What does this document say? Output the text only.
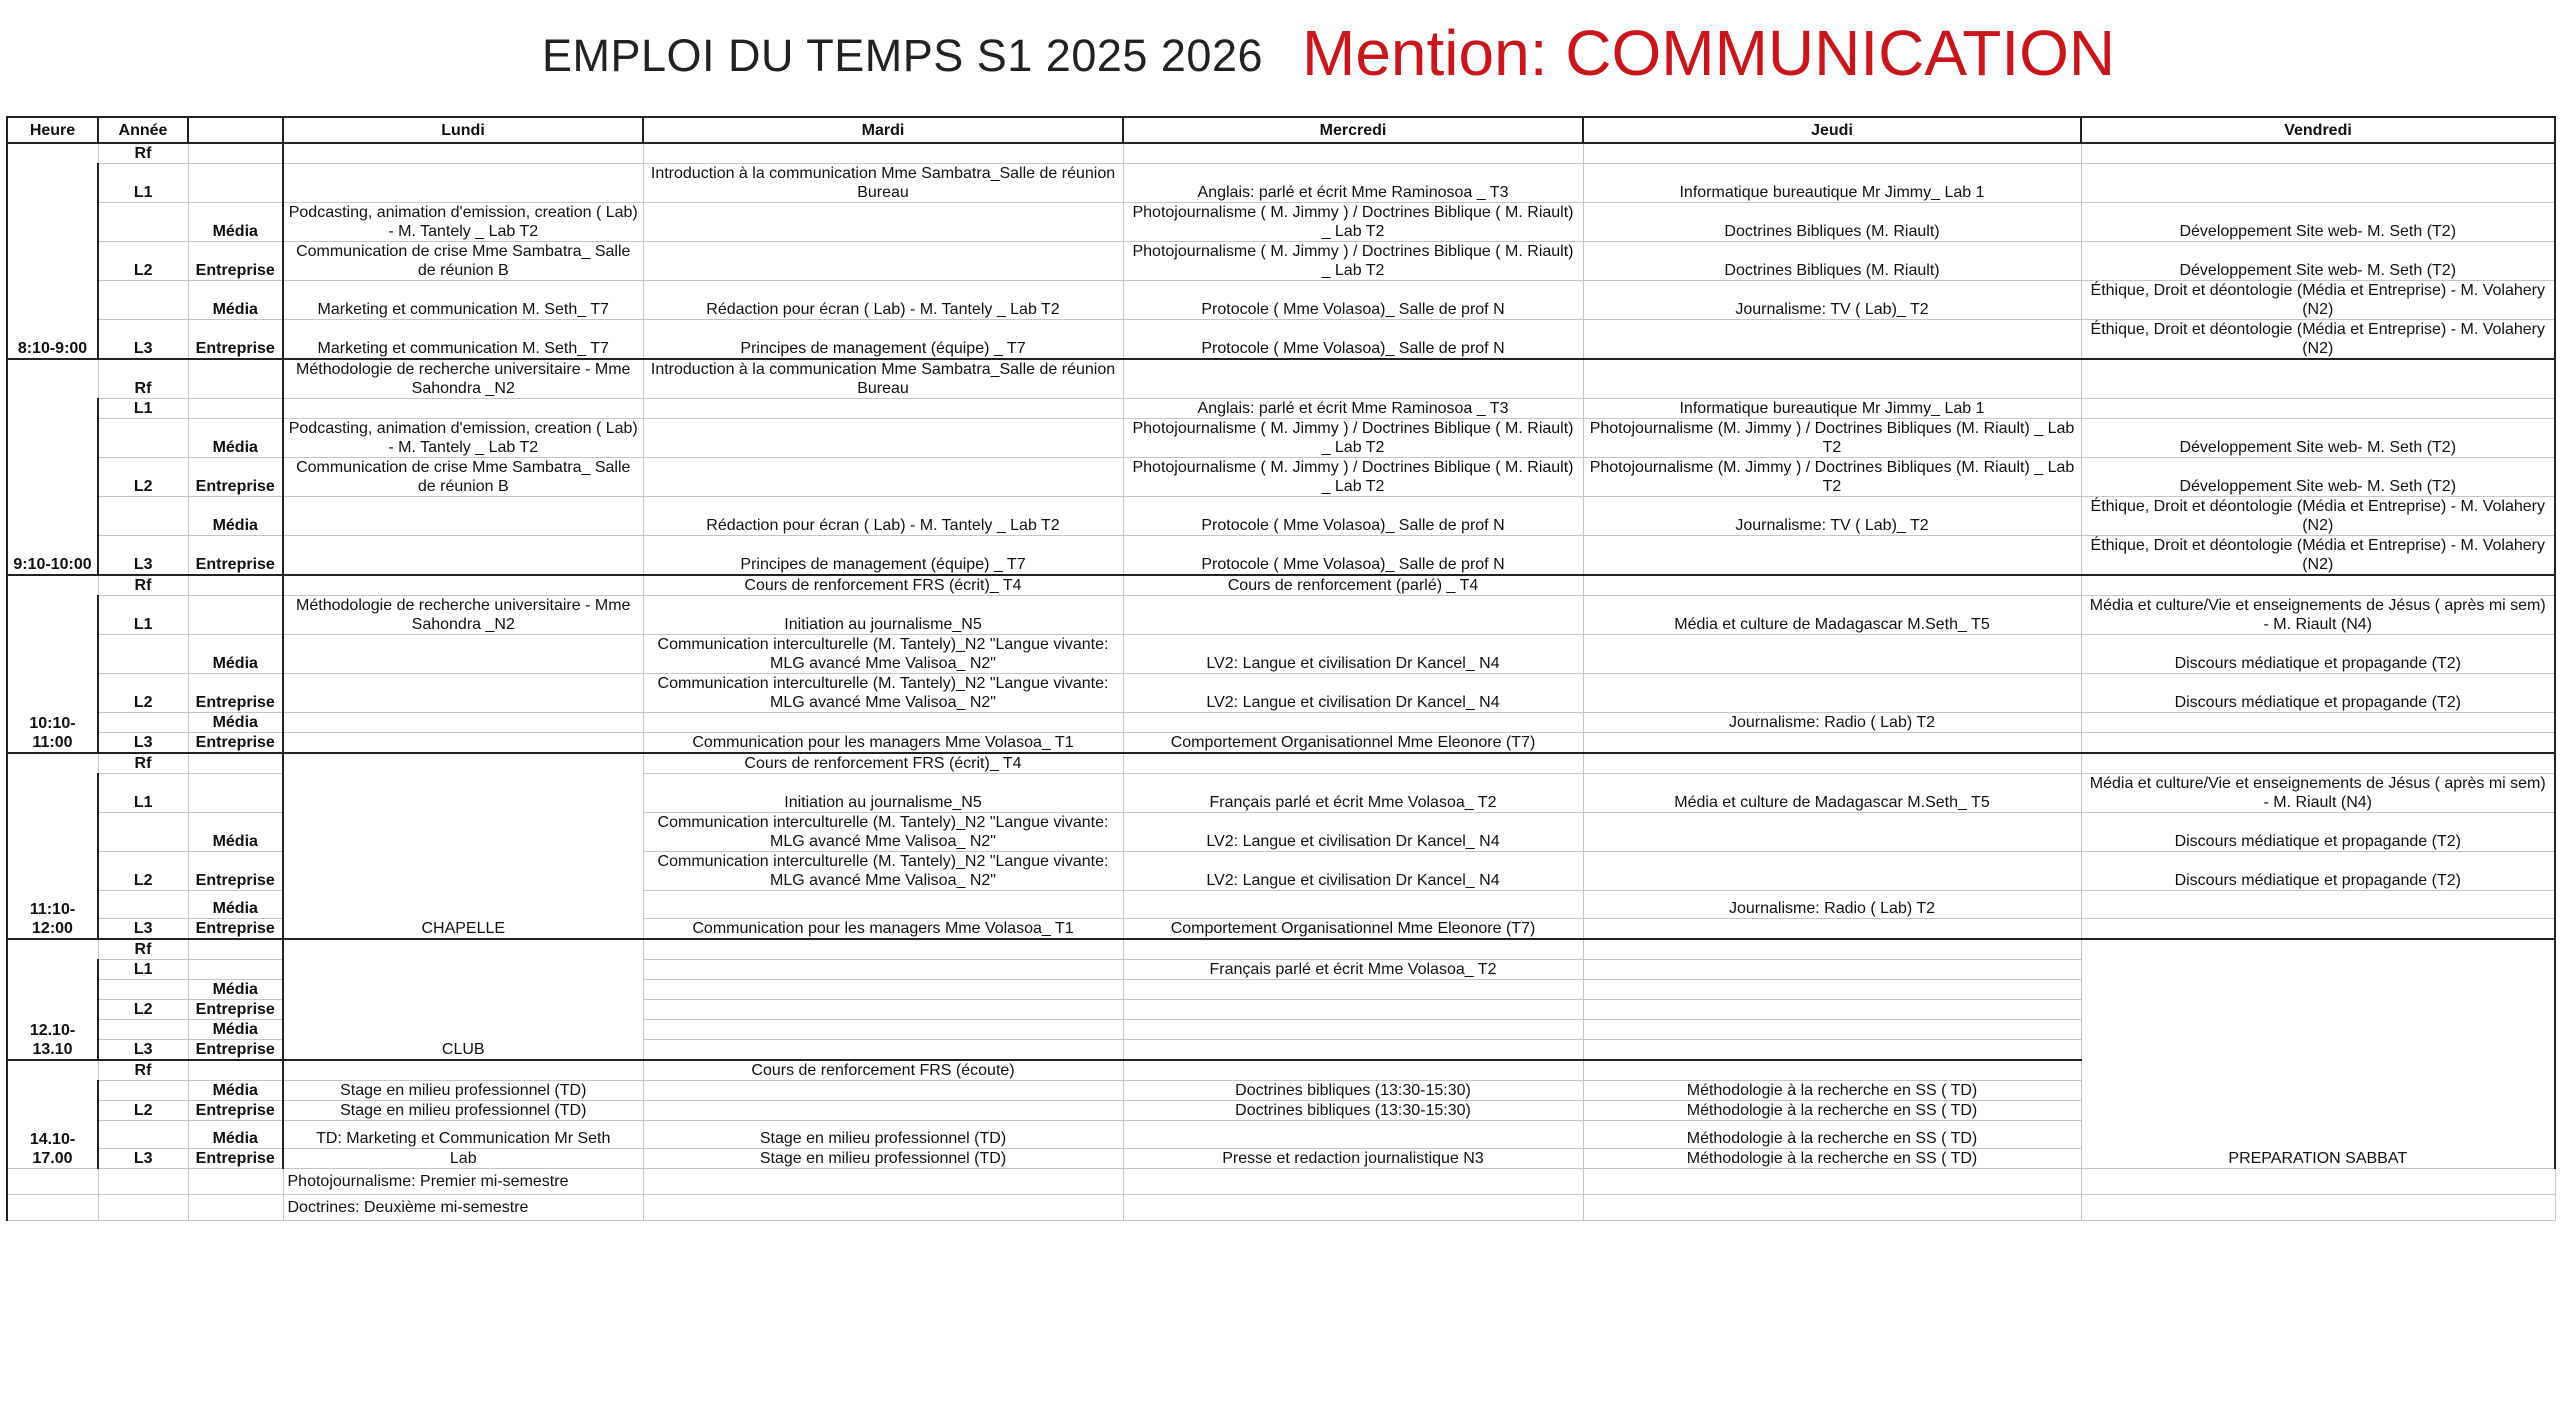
EMPLOI DU TEMPS S1 2025 2026 Mention: COMMUNICATION
Heure	Année		Lundi	Mardi	Mercredi	Jeudi	Vendredi
8:10-9:00	Rf						
	L1			Introduction à la communication Mme Sambatra_Salle de réunion Bureau	Anglais: parlé et écrit Mme Raminosoa _ T3	Informatique bureautique Mr Jimmy_ Lab 1	
		Média	Podcasting, animation d'emission, creation ( Lab) - M. Tantely _ Lab T2		Photojournalisme ( M. Jimmy ) / Doctrines Biblique ( M. Riault) _ Lab T2	Doctrines Bibliques (M. Riault)	Développement Site web- M. Seth (T2)
	L2	Entreprise	Communication de crise Mme Sambatra_ Salle de réunion B		Photojournalisme ( M. Jimmy ) / Doctrines Biblique ( M. Riault) _ Lab T2	Doctrines Bibliques (M. Riault)	Développement Site web- M. Seth (T2)
		Média	Marketing et communication M. Seth_ T7	Rédaction pour écran ( Lab) - M. Tantely _ Lab T2	Protocole ( Mme Volasoa)_ Salle de prof N	Journalisme: TV ( Lab)_ T2	Éthique, Droit et déontologie (Média et Entreprise) - M. Volahery (N2)
	L3	Entreprise	Marketing et communication M. Seth_ T7	Principes de management (équipe) _ T7	Protocole ( Mme Volasoa)_ Salle de prof N		Éthique, Droit et déontologie (Média et Entreprise) - M. Volahery (N2)
9:10-10:00	Rf		Méthodologie de recherche universitaire - Mme Sahondra _N2	Introduction à la communication Mme Sambatra_Salle de réunion Bureau			
	L1				Anglais: parlé et écrit Mme Raminosoa _ T3	Informatique bureautique Mr Jimmy_ Lab 1	
		Média	Podcasting, animation d'emission, creation ( Lab) - M. Tantely _ Lab T2		Photojournalisme ( M. Jimmy ) / Doctrines Biblique ( M. Riault) _ Lab T2	Photojournalisme (M. Jimmy ) / Doctrines Bibliques (M. Riault) _ Lab T2	Développement Site web- M. Seth (T2)
	L2	Entreprise	Communication de crise Mme Sambatra_ Salle de réunion B		Photojournalisme ( M. Jimmy ) / Doctrines Biblique ( M. Riault) _ Lab T2	Photojournalisme (M. Jimmy ) / Doctrines Bibliques (M. Riault) _ Lab T2	Développement Site web- M. Seth (T2)
		Média		Rédaction pour écran ( Lab) - M. Tantely _ Lab T2	Protocole ( Mme Volasoa)_ Salle de prof N	Journalisme: TV ( Lab)_ T2	Éthique, Droit et déontologie (Média et Entreprise) - M. Volahery (N2)
	L3	Entreprise		Principes de management (équipe) _ T7	Protocole ( Mme Volasoa)_ Salle de prof N		Éthique, Droit et déontologie (Média et Entreprise) - M. Volahery (N2)
10:10-11:00	Rf			Cours de renforcement FRS (écrit)_ T4	Cours de renforcement (parlé) _ T4		
	L1		Méthodologie de recherche universitaire - Mme Sahondra _N2	Initiation au journalisme_N5		Média et culture de Madagascar M.Seth_ T5	Média et culture/Vie et enseignements de Jésus ( après mi sem) - M. Riault (N4)
		Média		Communication interculturelle (M. Tantely)_N2 "Langue vivante: MLG avancé Mme Valisoa_ N2"	LV2: Langue et civilisation Dr Kancel_ N4		Discours médiatique et propagande (T2)
	L2	Entreprise		Communication interculturelle (M. Tantely)_N2 "Langue vivante: MLG avancé Mme Valisoa_ N2"	LV2: Langue et civilisation Dr Kancel_ N4		Discours médiatique et propagande (T2)
		Média				Journalisme: Radio ( Lab) T2	
	L3	Entreprise		Communication pour les managers Mme Volasoa_ T1	Comportement Organisationnel Mme Eleonore (T7)		
11:10-12:00	Rf		CHAPELLE	Cours de renforcement FRS (écrit)_ T4			
	L1			Initiation au journalisme_N5	Français parlé et écrit Mme Volasoa_ T2	Média et culture de Madagascar M.Seth_ T5	Média et culture/Vie et enseignements de Jésus ( après mi sem) - M. Riault (N4)
		Média		Communication interculturelle (M. Tantely)_N2 "Langue vivante: MLG avancé Mme Valisoa_ N2"	LV2: Langue et civilisation Dr Kancel_ N4		Discours médiatique et propagande (T2)
	L2	Entreprise		Communication interculturelle (M. Tantely)_N2 "Langue vivante: MLG avancé Mme Valisoa_ N2"	LV2: Langue et civilisation Dr Kancel_ N4		Discours médiatique et propagande (T2)
		Média				Journalisme: Radio ( Lab) T2	
	L3	Entreprise		Communication pour les managers Mme Volasoa_ T1	Comportement Organisationnel Mme Eleonore (T7)		
12.10- 13.10	Rf		CLUB				PREPARATION SABBAT
	L1				Français parlé et écrit Mme Volasoa_ T2		
		Média					
	L2	Entreprise					
		Média					
	L3	Entreprise					
14.10-17.00	Rf			Cours de renforcement FRS (écoute)			
		Média	Stage en milieu professionnel (TD)		Doctrines bibliques (13:30-15:30)	Méthodologie à la recherche en SS ( TD)	
	L2	Entreprise	Stage en milieu professionnel (TD)		Doctrines bibliques (13:30-15:30)	Méthodologie à la recherche en SS ( TD)	
		Média	TD: Marketing et Communication Mr Seth	Stage en milieu professionnel (TD)		Méthodologie à la recherche en SS ( TD)	
	L3	Entreprise	Lab	Stage en milieu professionnel (TD)	Presse et redaction journalistique N3	Méthodologie à la recherche en SS ( TD)	
			Photojournalisme: Premier mi-semestre				
			Doctrines: Deuxième mi-semestre				
